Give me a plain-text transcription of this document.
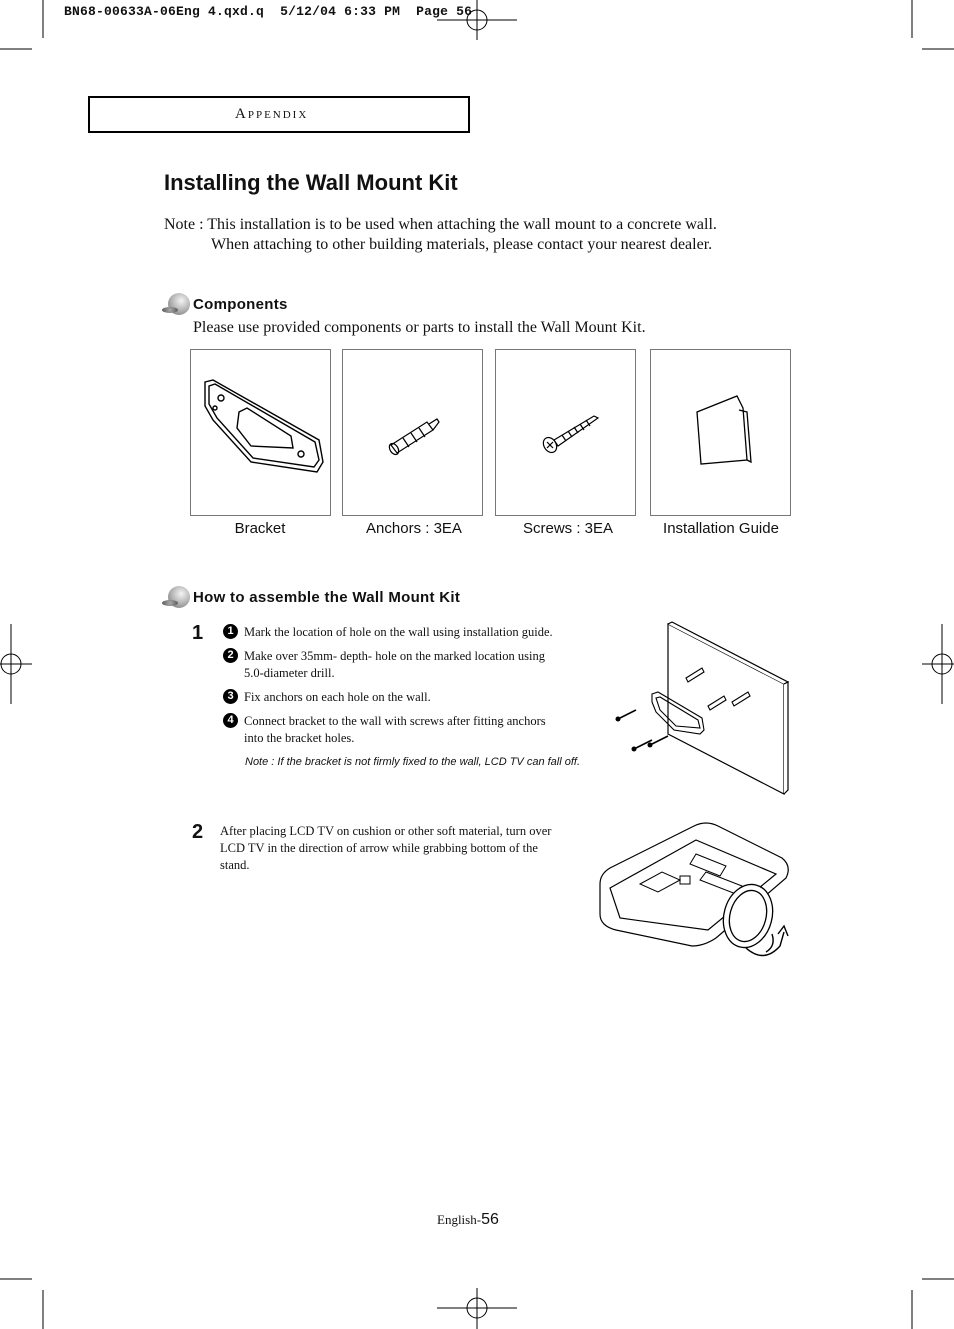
BN68-00633A-06Eng 4.qxd.q 5/12/04 6:33 PM Page 56
Appendix
Installing the Wall Mount Kit
Note : This installation is to be used when attaching the wall mount to a concrete wall.
When attaching to other building materials, please contact your nearest dealer.
Components
Please use provided components or parts to install the Wall Mount Kit.
Bracket	Anchors : 3EA	Screws : 3EA	Installation Guide
How to assemble the Wall Mount Kit
1	1 Mark the location of hole on the wall using installation guide.
2 Make over 35mm- depth- hole on the marked location using
5.0-diameter drill.
3 Fix anchors on each hole on the wall.
4 Connect bracket to the wall with screws after fitting anchors
into the bracket holes.
Note : If the bracket is not firmly fixed to the wall, LCD TV can fall off.
2 After placing LCD TV on cushion or other soft material, turn over
LCD TV in the direction of arrow while grabbing bottom of the
stand.
English-56
